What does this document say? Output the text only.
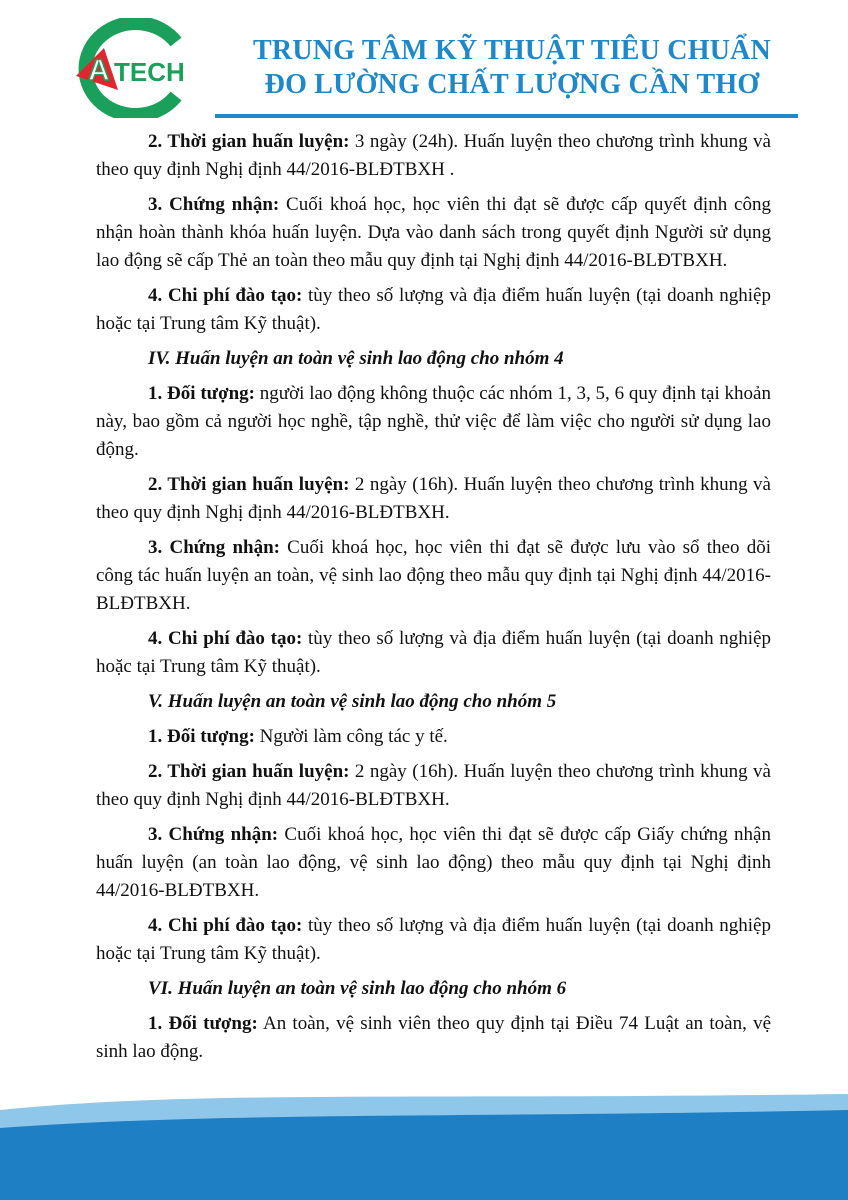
A TECH
TRUNG TÂM KỸ THUẬT TIÊU CHUẨN
ĐO LƯỜNG CHẤT LƯỢNG CẦN THƠ

2. Thời gian huấn luyện: 3 ngày (24h). Huấn luyện theo chương trình khung và theo quy định Nghị định 44/2016-BLĐTBXH .

3. Chứng nhận: Cuối khoá học, học viên thi đạt sẽ được cấp quyết định công nhận hoàn thành khóa huấn luyện. Dựa vào danh sách trong quyết định Người sử dụng lao động sẽ cấp Thẻ an toàn theo mẫu quy định tại Nghị định 44/2016-BLĐTBXH.

4. Chi phí đào tạo: tùy theo số lượng và địa điểm huấn luyện (tại doanh nghiệp hoặc tại Trung tâm Kỹ thuật).

IV. Huấn luyện an toàn vệ sinh lao động cho nhóm 4

1. Đối tượng: người lao động không thuộc các nhóm 1, 3, 5, 6 quy định tại khoản này, bao gồm cả người học nghề, tập nghề, thử việc để làm việc cho người sử dụng lao động.

2. Thời gian huấn luyện: 2 ngày (16h). Huấn luyện theo chương trình khung và theo quy định Nghị định 44/2016-BLĐTBXH.

3. Chứng nhận: Cuối khoá học, học viên thi đạt sẽ được lưu vào sổ theo dõi công tác huấn luyện an toàn, vệ sinh lao động theo mẫu quy định tại Nghị định 44/2016-BLĐTBXH.

4. Chi phí đào tạo: tùy theo số lượng và địa điểm huấn luyện (tại doanh nghiệp hoặc tại Trung tâm Kỹ thuật).

V. Huấn luyện an toàn vệ sinh lao động cho nhóm 5

1. Đối tượng: Người làm công tác y tế.

2. Thời gian huấn luyện: 2 ngày (16h). Huấn luyện theo chương trình khung và theo quy định Nghị định 44/2016-BLĐTBXH.

3. Chứng nhận: Cuối khoá học, học viên thi đạt sẽ được cấp Giấy chứng nhận huấn luyện (an toàn lao động, vệ sinh lao động) theo mẫu quy định tại Nghị định 44/2016-BLĐTBXH.

4. Chi phí đào tạo: tùy theo số lượng và địa điểm huấn luyện (tại doanh nghiệp hoặc tại Trung tâm Kỹ thuật).

VI. Huấn luyện an toàn vệ sinh lao động cho nhóm 6

1. Đối tượng: An toàn, vệ sinh viên theo quy định tại Điều 74 Luật an toàn, vệ sinh lao động.
